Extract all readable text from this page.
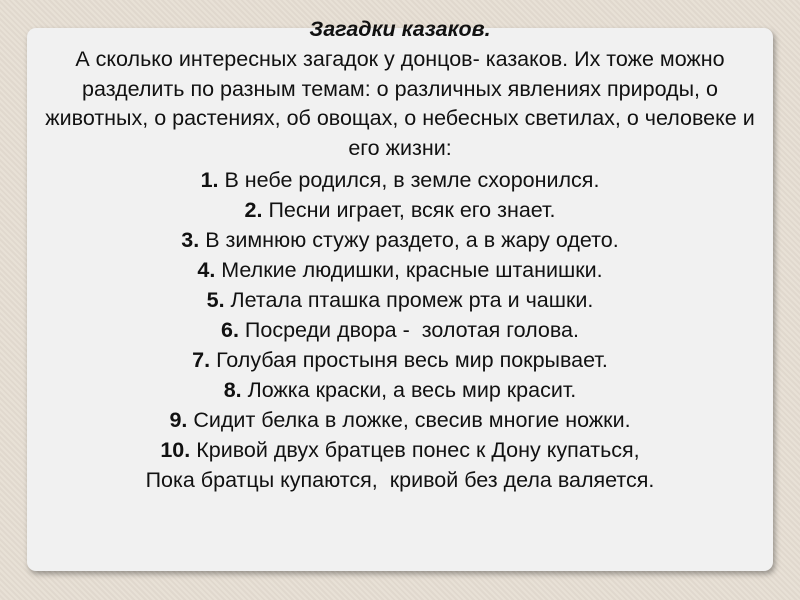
Загадки казаков.
А сколько интересных загадок у донцов- казаков. Их тоже можно разделить по разным темам: о различных явлениях природы, о животных, о растениях, об овощах, о небесных светилах, о человеке и его жизни:
1. В небе родился, в земле схоронился.
2. Песни играет, всяк его знает.
3. В зимнюю стужу раздето, а в жару одето.
4. Мелкие людишки, красные штанишки.
5. Летала пташка промеж рта и чашки.
6. Посреди двора -  золотая голова.
7. Голубая простыня весь мир покрывает.
8. Ложка краски, а весь мир красит.
9. Сидит белка в ложке, свесив многие ножки.
10. Кривой двух братцев понес к Дону купаться,
Пока братцы купаются,  кривой без дела валяется.
